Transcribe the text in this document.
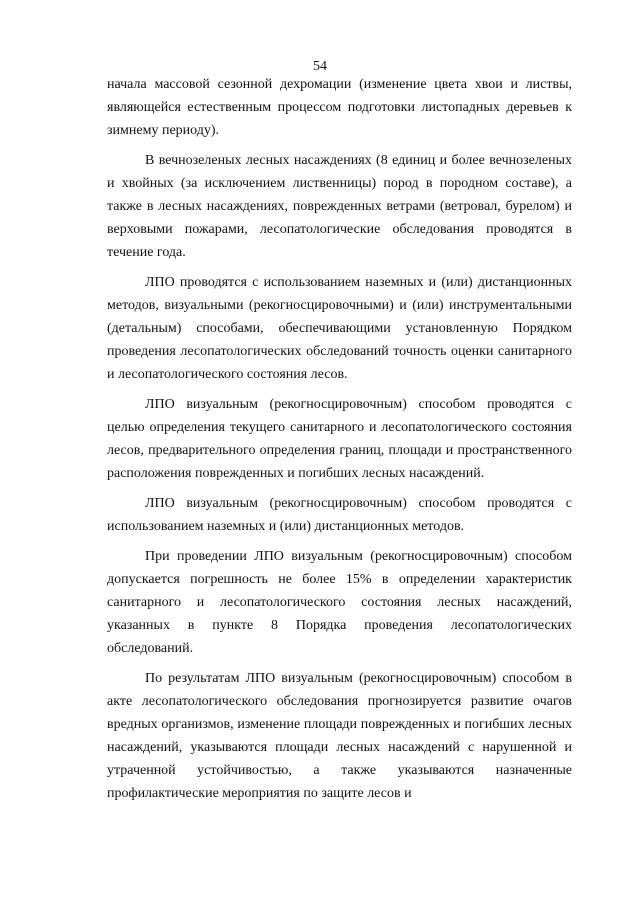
54

начала массовой сезонной дехромации (изменение цвета хвои и листвы, являющейся естественным процессом подготовки листопадных деревьев к зимнему периоду).

В вечнозеленых лесных насаждениях (8 единиц и более вечнозеленых и хвойных (за исключением лиственницы) пород в породном составе), а также в лесных насаждениях, поврежденных ветрами (ветровал, бурелом) и верховыми пожарами, лесопатологические обследования проводятся в течение года.

ЛПО проводятся с использованием наземных и (или) дистанционных методов, визуальными (рекогносцировочными) и (или) инструментальными (детальным) способами, обеспечивающими установленную Порядком проведения лесопатологических обследований точность оценки санитарного и лесопатологического состояния лесов.

ЛПО визуальным (рекогносцировочным) способом проводятся с целью определения текущего санитарного и лесопатологического состояния лесов, предварительного определения границ, площади и пространственного расположения поврежденных и погибших лесных насаждений.

ЛПО визуальным (рекогносцировочным) способом проводятся с использованием наземных и (или) дистанционных методов.

При проведении ЛПО визуальным (рекогносцировочным) способом допускается погрешность не более 15% в определении характеристик санитарного и лесопатологического состояния лесных насаждений, указанных в пункте 8 Порядка проведения лесопатологических обследований.

По результатам ЛПО визуальным (рекогносцировочным) способом в акте лесопатологического обследования прогнозируется развитие очагов вредных организмов, изменение площади поврежденных и погибших лесных насаждений, указываются площади лесных насаждений с нарушенной и утраченной устойчивостью, а также указываются назначенные профилактические мероприятия по защите лесов и
